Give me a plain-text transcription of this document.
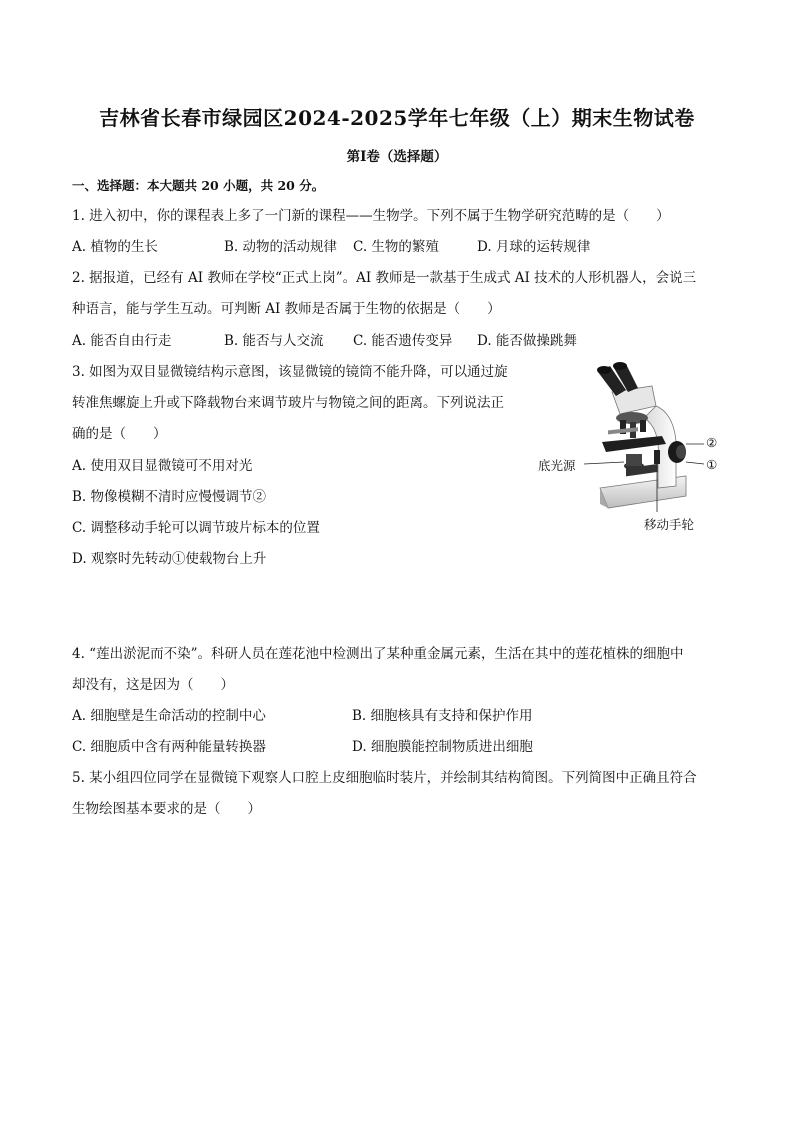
吉林省长春市绿园区2024-2025学年七年级（上）期末生物试卷
第Ⅰ卷（选择题）
一、选择题：本大题共 20 小题，共 20 分。
1. 进入初中，你的课程表上多了一门新的课程——生物学。下列不属于生物学研究范畴的是（　　）
A. 植物的生长	B. 动物的活动规律 C. 生物的繁殖	D. 月球的运转规律
2. 据报道，已经有 AI 教师在学校“正式上岗”。AI 教师是一款基于生成式 AI 技术的人形机器人，会说三
种语言，能与学生互动。可判断 AI 教师是否属于生物的依据是（　　）
A. 能否自由行走	B. 能否与人交流 C. 能否遗传变异 D. 能否做操跳舞
3. 如图为双目显微镜结构示意图，该显微镜的镜筒不能升降，可以通过旋
转准焦螺旋上升或下降载物台来调节玻片与物镜之间的距离。下列说法正
确的是（　　）
A. 使用双目显微镜可不用对光
B. 物像模糊不清时应慢慢调节②
C. 调整移动手轮可以调节玻片标本的位置
D. 观察时先转动①使载物台上升
底光源
②
①
移动手轮
4. “莲出淤泥而不染”。科研人员在莲花池中检测出了某种重金属元素，生活在其中的莲花植株的细胞中
却没有，这是因为（　　）
A. 细胞壁是生命活动的控制中心	B. 细胞核具有支持和保护作用
C. 细胞质中含有两种能量转换器	D. 细胞膜能控制物质进出细胞
5. 某小组四位同学在显微镜下观察人口腔上皮细胞临时装片，并绘制其结构简图。下列简图中正确且符合
生物绘图基本要求的是（　　）
